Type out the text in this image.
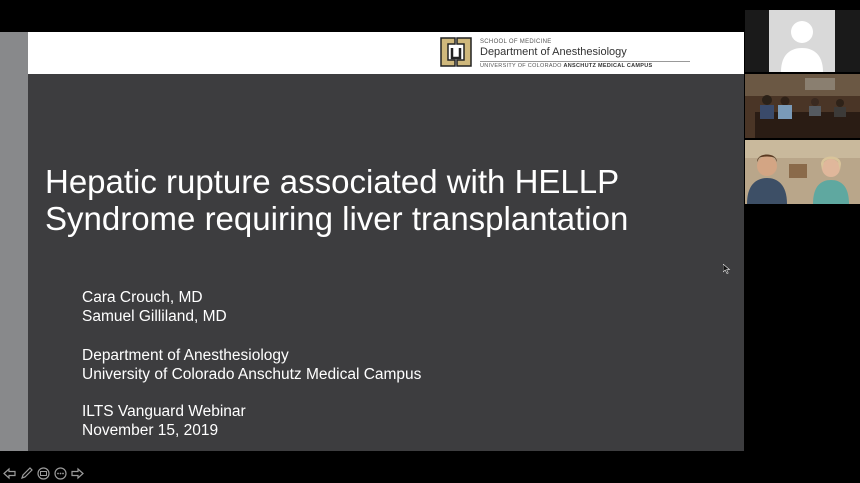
SCHOOL OF MEDICINE
Department of Anesthesiology
UNIVERSITY OF COLORADO ANSCHUTZ MEDICAL CAMPUS
Hepatic rupture associated with HELLP
Syndrome requiring liver transplantation
Cara Crouch, MD
Samuel Gilliland, MD
Department of Anesthesiology
University of Colorado Anschutz Medical Campus
ILTS Vanguard Webinar
November 15, 2019
